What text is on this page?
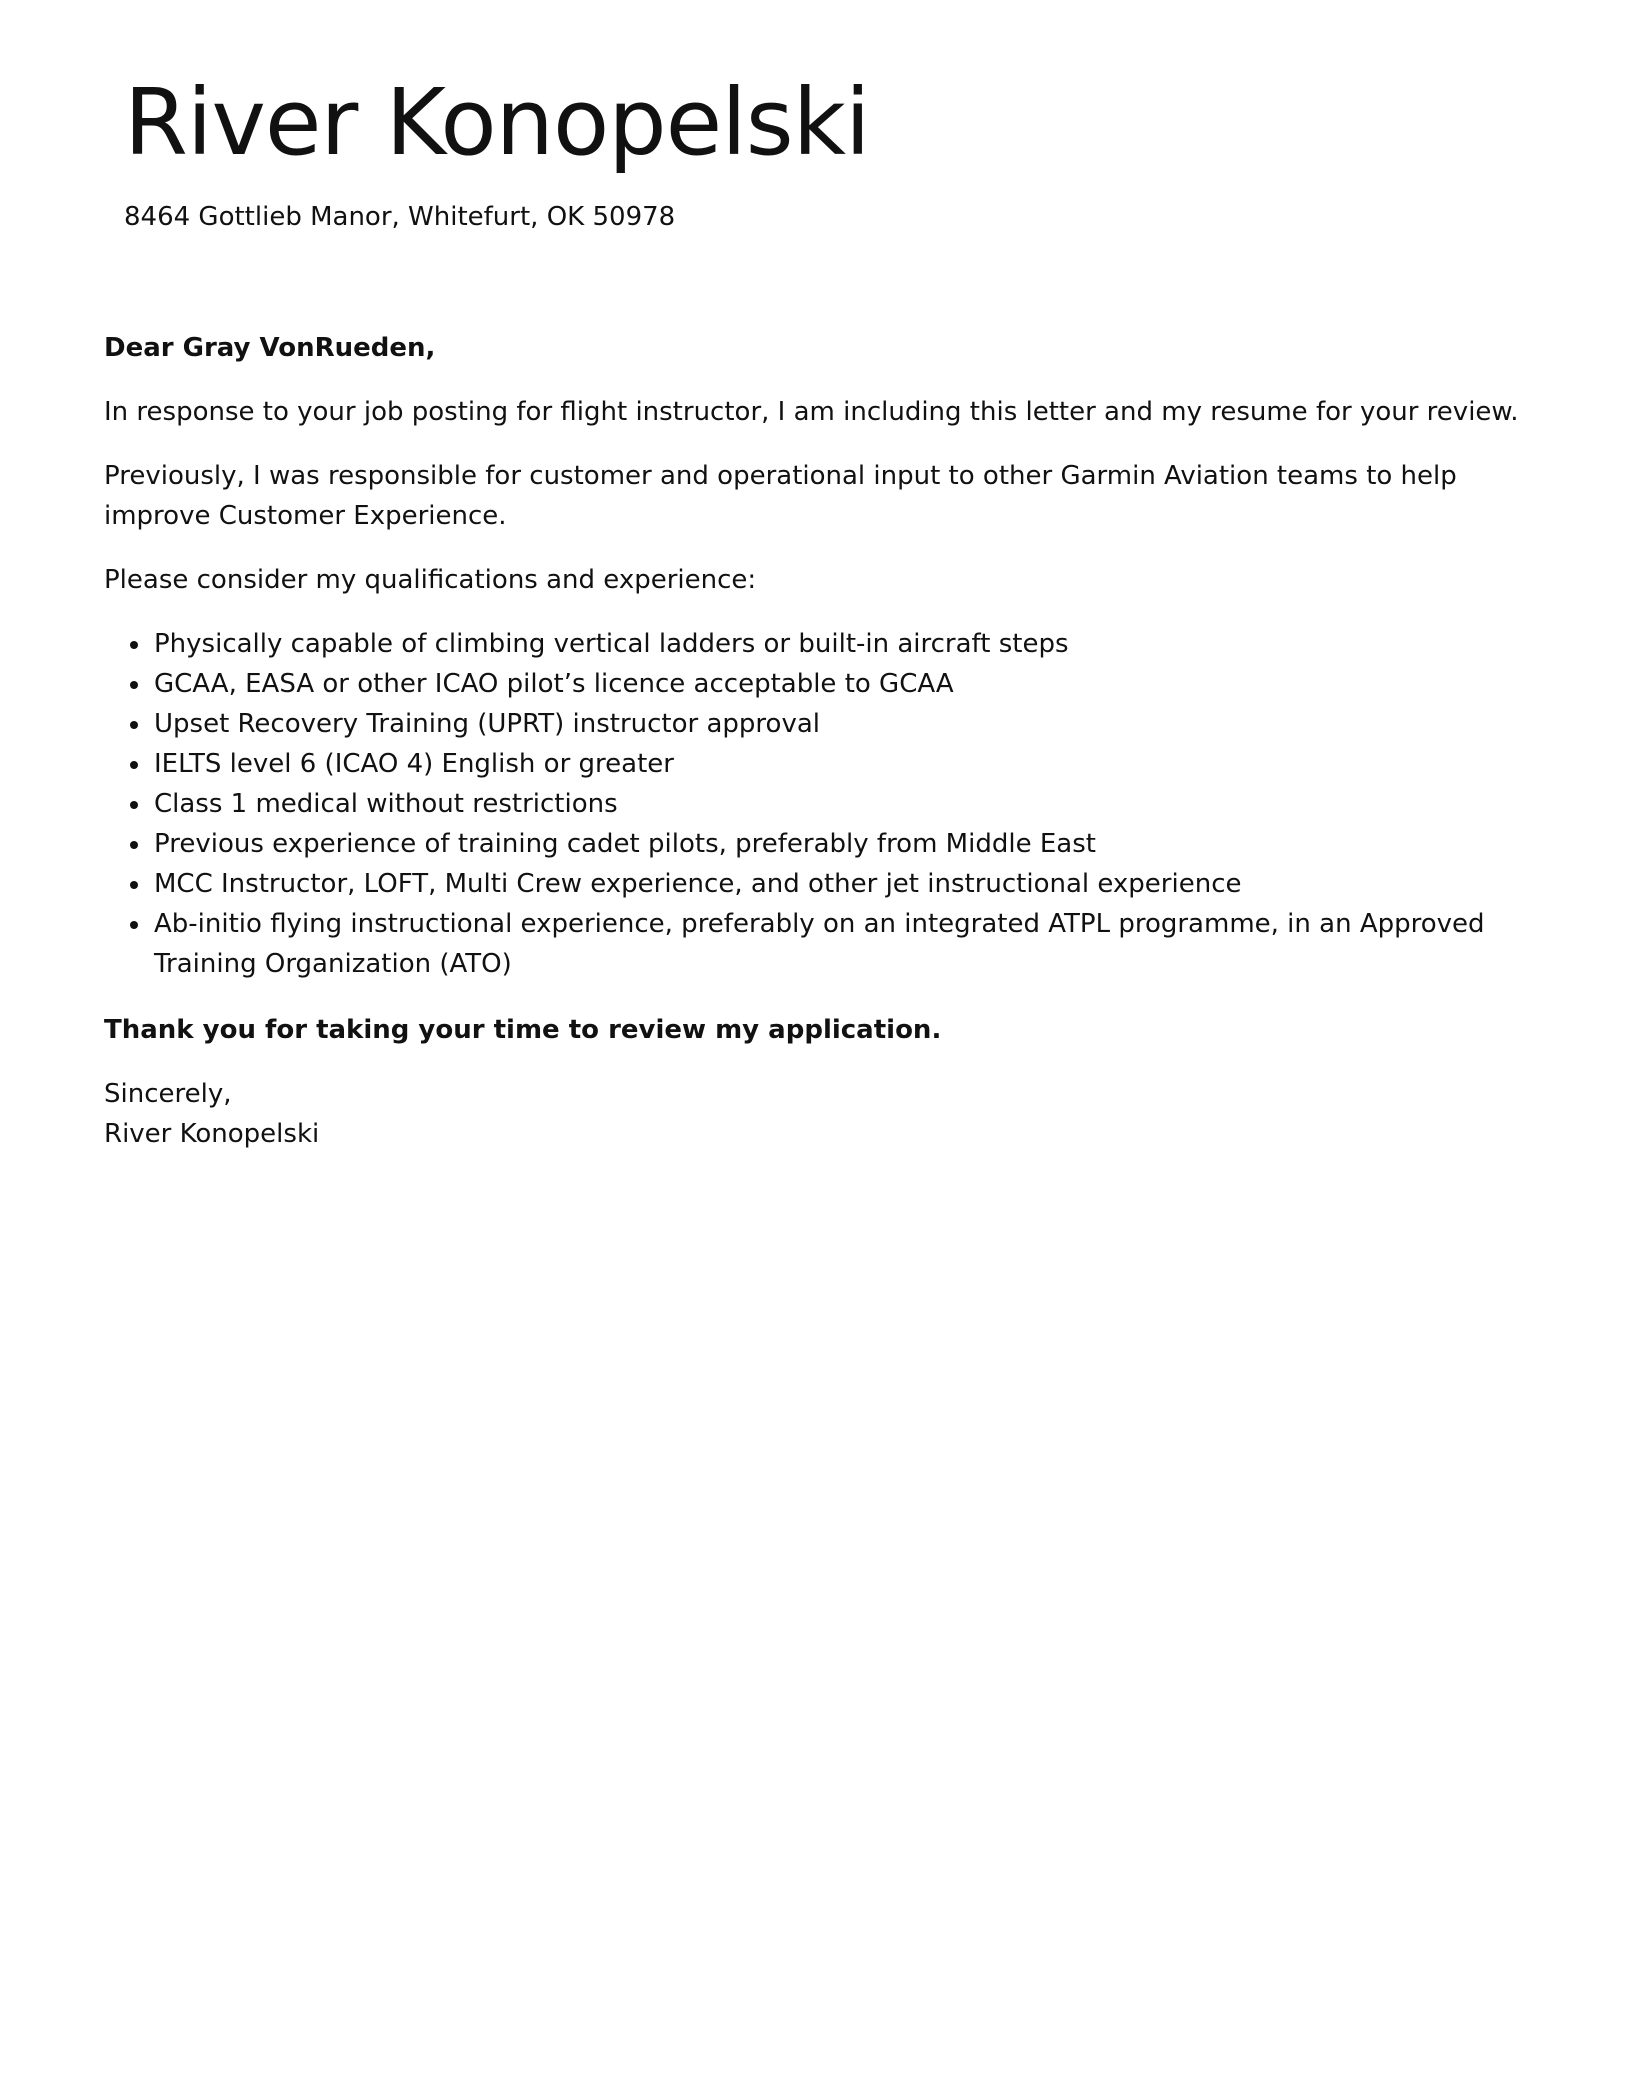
River Konopelski
8464 Gottlieb Manor, Whitefurt, OK 50978

Dear Gray VonRueden,

In response to your job posting for flight instructor, I am including this letter and my resume for your review.

Previously, I was responsible for customer and operational input to other Garmin Aviation teams to help improve Customer Experience.

Please consider my qualifications and experience:

• Physically capable of climbing vertical ladders or built-in aircraft steps
• GCAA, EASA or other ICAO pilot’s licence acceptable to GCAA
• Upset Recovery Training (UPRT) instructor approval
• IELTS level 6 (ICAO 4) English or greater
• Class 1 medical without restrictions
• Previous experience of training cadet pilots, preferably from Middle East
• MCC Instructor, LOFT, Multi Crew experience, and other jet instructional experience
• Ab-initio flying instructional experience, preferably on an integrated ATPL programme, in an Approved Training Organization (ATO)

Thank you for taking your time to review my application.

Sincerely,

River Konopelski
